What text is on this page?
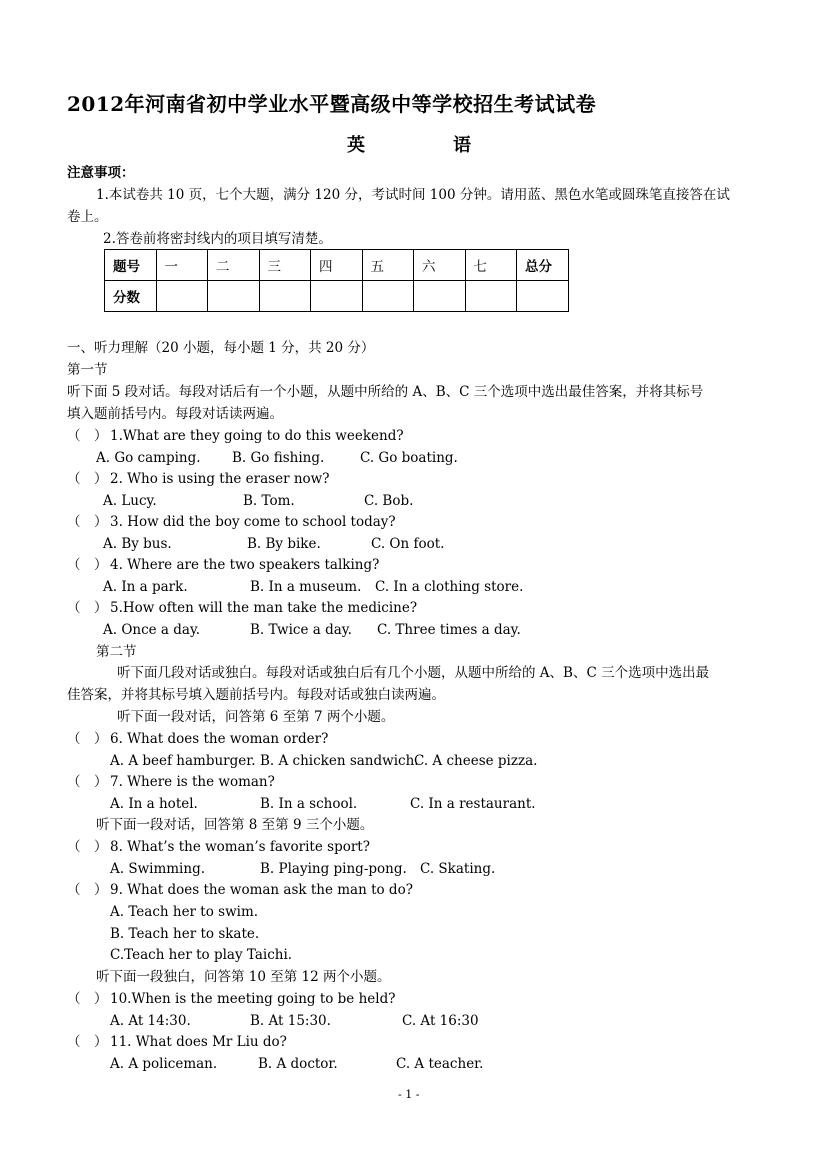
2012年河南省初中学业水平暨高级中等学校招生考试试卷
英	语
注意事项：
1.本试卷共 10 页，七个大题，满分 120 分，考试时间 100 分钟。请用蓝、黑色水笔或圆珠笔直接答在试
卷上。
2.答卷前将密封线内的项目填写清楚。
题号	一	二	三	四	五	六	七	总分
分数								
一、听力理解（20 小题，每小题 1 分，共 20 分）
第一节
听下面 5 段对话。每段对话后有一个小题，从题中所给的 A、B、C 三个选项中选出最佳答案，并将其标号
填入题前括号内。每段对话读两遍。
（　） 1.What are they going to do this weekend?
A. Go camping. B. Go fishing.	C. Go boating.
（　） 2. Who is using the eraser now?
A. Lucy.	B. Tom.	C. Bob.
（　） 3. How did the boy come to school today?
A. By bus.	B. By bike.	C. On foot.
（　） 4. Where are the two speakers talking?
A. In a park.	B. In a museum. C. In a clothing store.
（　） 5.How often will the man take the medicine?
A. Once a day.	B. Twice a day. C. Three times a day.
第二节
听下面几段对话或独白。每段对话或独白后有几个小题，从题中所给的 A、B、C 三个选项中选出最
佳答案，并将其标号填入题前括号内。每段对话或独白读两遍。
听下面一段对话，问答第 6 至第 7 两个小题。
（　） 6. What does the woman order?
A. A beef hamburger. B. A chicken sandwich.
C. A cheese pizza.
（　） 7. Where is the woman?
A. In a hotel.	B. In a school.	C. In a restaurant.
听下面一段对话，回答第 8 至第 9 三个小题。
（　） 8. What’s the woman’s favorite sport?
A. Swimming.	B. Playing ping-pong. C. Skating.
（　） 9. What does the woman ask the man to do?
A. Teach her to swim.
B. Teach her to skate.
C.Teach her to play Taichi.
听下面一段独白，问答第 10 至第 12 两个小题。
（　） 10.When is the meeting going to be held?
A. At 14:30.	B. At 15:30.	C. At 16:30
（　） 11. What does Mr Liu do?
A. A policeman.	B. A doctor.	C. A teacher.
- 1 -
